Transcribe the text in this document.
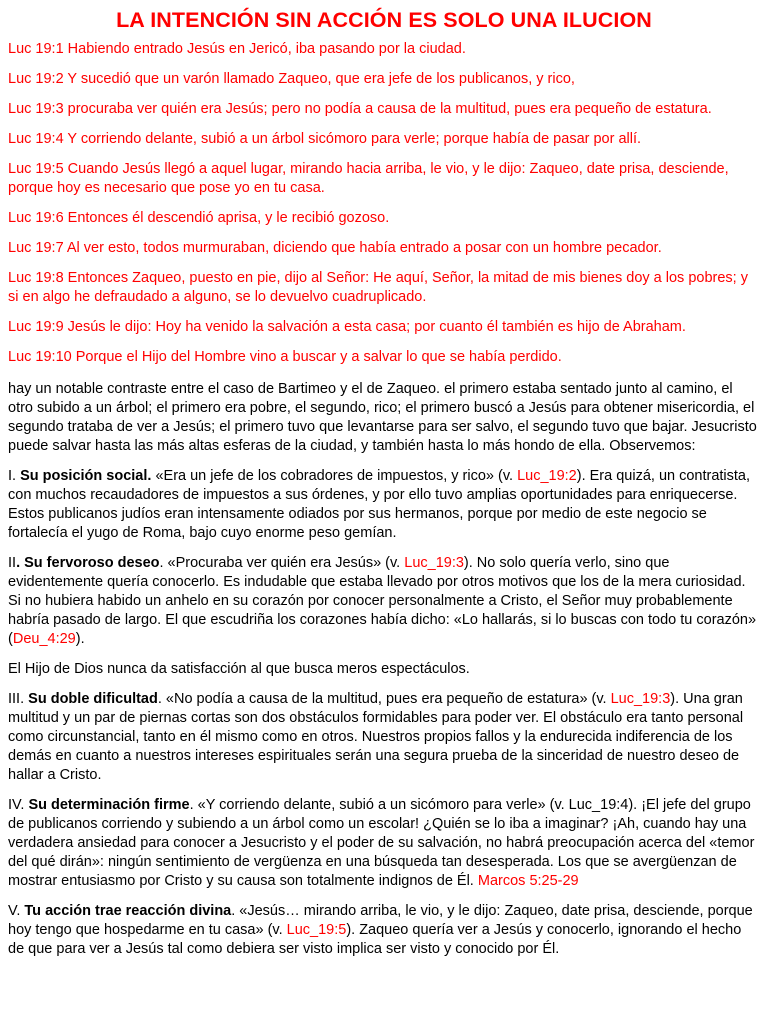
LA INTENCIÓN SIN ACCIÓN ES SOLO UNA ILUCION

Luc 19:1 Habiendo entrado Jesús en Jericó, iba pasando por la ciudad.

Luc 19:2 Y sucedió que un varón llamado Zaqueo, que era jefe de los publicanos, y rico,

Luc 19:3 procuraba ver quién era Jesús; pero no podía a causa de la multitud, pues era pequeño de estatura.

Luc 19:4 Y corriendo delante, subió a un árbol sicómoro para verle; porque había de pasar por allí.

Luc 19:5 Cuando Jesús llegó a aquel lugar, mirando hacia arriba, le vio, y le dijo: Zaqueo, date prisa, desciende, porque hoy es necesario que pose yo en tu casa.

Luc 19:6 Entonces él descendió aprisa, y le recibió gozoso.

Luc 19:7 Al ver esto, todos murmuraban, diciendo que había entrado a posar con un hombre pecador.

Luc 19:8 Entonces Zaqueo, puesto en pie, dijo al Señor: He aquí, Señor, la mitad de mis bienes doy a los pobres; y si en algo he defraudado a alguno, se lo devuelvo cuadruplicado.

Luc 19:9 Jesús le dijo: Hoy ha venido la salvación a esta casa; por cuanto él también es hijo de Abraham.

Luc 19:10 Porque el Hijo del Hombre vino a buscar y a salvar lo que se había perdido.

hay un notable contraste entre el caso de Bartimeo y el de Zaqueo. el primero estaba sentado junto al camino, el otro subido a un árbol; el primero era pobre, el segundo, rico; el primero buscó a Jesús para obtener misericordia, el segundo trataba de ver a Jesús; el primero tuvo que levantarse para ser salvo, el segundo tuvo que bajar. Jesucristo puede salvar hasta las más altas esferas de la ciudad, y también hasta lo más hondo de ella. Observemos:

I. Su posición social. «Era un jefe de los cobradores de impuestos, y rico» (v. Luc_19:2). Era quizá, un contratista, con muchos recaudadores de impuestos a sus órdenes, y por ello tuvo amplias oportunidades para enriquecerse. Estos publicanos judíos eran intensamente odiados por sus hermanos, porque por medio de este negocio se fortalecía el yugo de Roma, bajo cuyo enorme peso gemían.

II. Su fervoroso deseo. «Procuraba ver quién era Jesús» (v. Luc_19:3). No solo quería verlo, sino que evidentemente quería conocerlo. Es indudable que estaba llevado por otros motivos que los de la mera curiosidad. Si no hubiera habido un anhelo en su corazón por conocer personalmente a Cristo, el Señor muy probablemente habría pasado de largo. El que escudriña los corazones había dicho: «Lo hallarás, si lo buscas con todo tu corazón» (Deu_4:29).

El Hijo de Dios nunca da satisfacción al que busca meros espectáculos.

III. Su doble dificultad. «No podía a causa de la multitud, pues era pequeño de estatura» (v. Luc_19:3). Una gran multitud y un par de piernas cortas son dos obstáculos formidables para poder ver. El obstáculo era tanto personal como circunstancial, tanto en él mismo como en otros. Nuestros propios fallos y la endurecida indiferencia de los demás en cuanto a nuestros intereses espirituales serán una segura prueba de la sinceridad de nuestro deseo de hallar a Cristo.

IV. Su determinación firme. «Y corriendo delante, subió a un sicómoro para verle» (v. Luc_19:4). ¡El jefe del grupo de publicanos corriendo y subiendo a un árbol como un escolar! ¿Quién se lo iba a imaginar? ¡Ah, cuando hay una verdadera ansiedad para conocer a Jesucristo y el poder de su salvación, no habrá preocupación acerca del «temor del qué dirán»: ningún sentimiento de vergüenza en una búsqueda tan desesperada. Los que se avergüenzan de mostrar entusiasmo por Cristo y su causa son totalmente indignos de Él. Marcos 5:25-29

V. Tu acción trae reacción divina. «Jesús… mirando arriba, le vio, y le dijo: Zaqueo, date prisa, desciende, porque hoy tengo que hospedarme en tu casa» (v. Luc_19:5). Zaqueo quería ver a Jesús y conocerlo, ignorando el hecho de que para ver a Jesús tal como debiera ser visto implica ser visto y conocido por Él.
